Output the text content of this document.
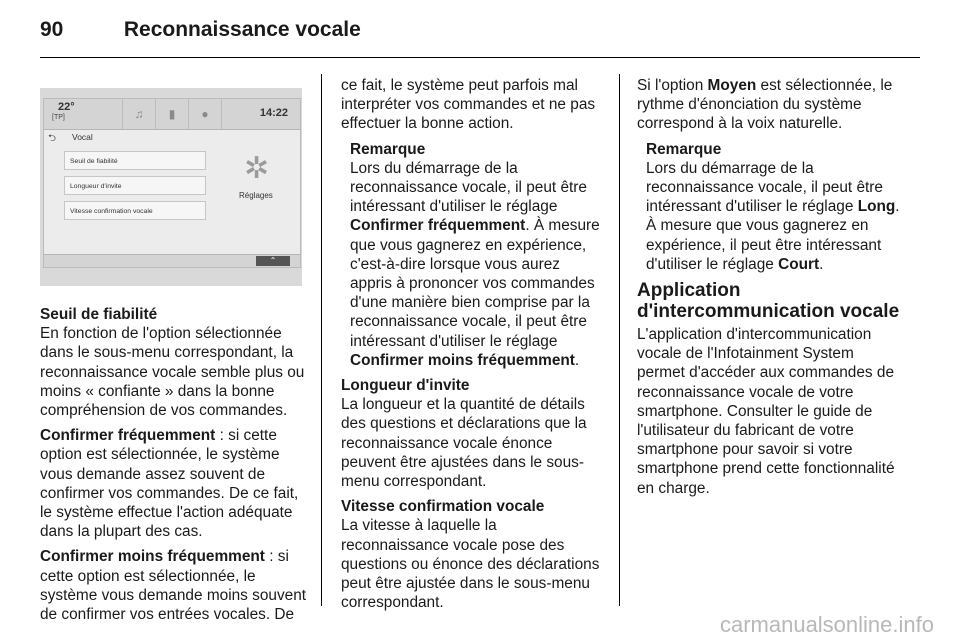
90	Reconnaissance vocale
22°
[TP]	♫	▮	●	14:22
⮌ Vocal
Seuil de fiabilité
Longueur d'invite
Vitesse confirmation vocale
✲
Réglages
⌃

Seuil de fiabilité
En fonction de l'option sélectionnée dans le sous-menu correspondant, la reconnaissance vocale semble plus ou moins « confiante » dans la bonne compréhension de vos commandes.

Confirmer fréquemment : si cette option est sélectionnée, le système vous demande assez souvent de confirmer vos commandes. De ce fait, le système effectue l'action adéquate dans la plupart des cas.

Confirmer moins fréquemment : si cette option est sélectionnée, le système vous demande moins souvent de confirmer vos entrées vocales. De

ce fait, le système peut parfois mal interpréter vos commandes et ne pas effectuer la bonne action.

Remarque
Lors du démarrage de la reconnaissance vocale, il peut être intéressant d'utiliser le réglage Confirmer fréquemment. À mesure que vous gagnerez en expérience, c'est-à-dire lorsque vous aurez appris à prononcer vos commandes d'une manière bien comprise par la reconnaissance vocale, il peut être intéressant d'utiliser le réglage Confirmer moins fréquemment.

Longueur d'invite
La longueur et la quantité de détails des questions et déclarations que la reconnaissance vocale énonce peuvent être ajustées dans le sous-menu correspondant.

Vitesse confirmation vocale
La vitesse à laquelle la reconnaissance vocale pose des questions ou énonce des déclarations peut être ajustée dans le sous-menu correspondant.

Si l'option Moyen est sélectionnée, le rythme d'énonciation du système correspond à la voix naturelle.

Remarque
Lors du démarrage de la reconnaissance vocale, il peut être intéressant d'utiliser le réglage Long. À mesure que vous gagnerez en expérience, il peut être intéressant d'utiliser le réglage Court.
Application d'intercommunication vocale

L'application d'intercommunication vocale de l'Infotainment System permet d'accéder aux commandes de reconnaissance vocale de votre smartphone. Consulter le guide de l'utilisateur du fabricant de votre smartphone pour savoir si votre smartphone prend cette fonctionnalité en charge.

carmanualsonline.info
